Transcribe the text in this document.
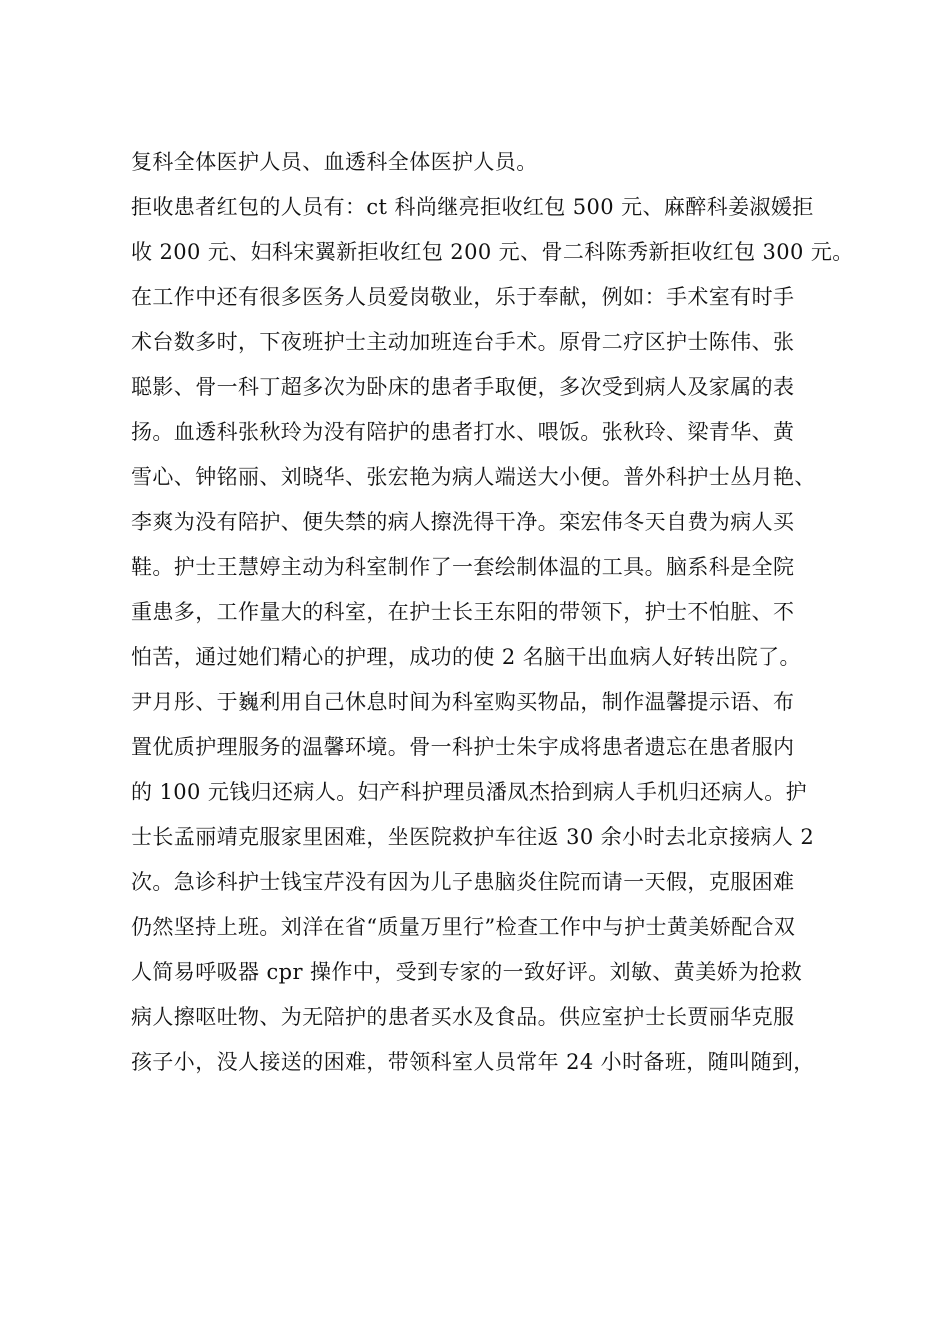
复科全体医护人员、血透科全体医护人员。
拒收患者红包的人员有：ct 科尚继亮拒收红包 500 元、麻醉科姜淑媛拒
收 200 元、妇科宋翼新拒收红包 200 元、骨二科陈秀新拒收红包 300 元。
在工作中还有很多医务人员爱岗敬业，乐于奉献，例如：手术室有时手
术台数多时，下夜班护士主动加班连台手术。原骨二疗区护士陈伟、张
聪影、骨一科丁超多次为卧床的患者手取便，多次受到病人及家属的表
扬。血透科张秋玲为没有陪护的患者打水、喂饭。张秋玲、梁青华、黄
雪心、钟铭丽、刘晓华、张宏艳为病人端送大小便。普外科护士丛月艳、
李爽为没有陪护、便失禁的病人擦洗得干净。栾宏伟冬天自费为病人买
鞋。护士王慧婷主动为科室制作了一套绘制体温的工具。脑系科是全院
重患多，工作量大的科室，在护士长王东阳的带领下，护士不怕脏、不
怕苦，通过她们精心的护理，成功的使 2 名脑干出血病人好转出院了。
尹月彤、于巍利用自己休息时间为科室购买物品，制作温馨提示语、布
置优质护理服务的温馨环境。骨一科护士朱宇成将患者遗忘在患者服内
的 100 元钱归还病人。妇产科护理员潘凤杰拾到病人手机归还病人。护
士长孟丽靖克服家里困难，坐医院救护车往返 30 余小时去北京接病人 2
次。急诊科护士钱宝芹没有因为儿子患脑炎住院而请一天假，克服困难
仍然坚持上班。刘洋在省“质量万里行”检查工作中与护士黄美娇配合双
人简易呼吸器 cpr 操作中，受到专家的一致好评。刘敏、黄美娇为抢救
病人擦呕吐物、为无陪护的患者买水及食品。供应室护士长贾丽华克服
孩子小，没人接送的困难，带领科室人员常年 24 小时备班，随叫随到，
